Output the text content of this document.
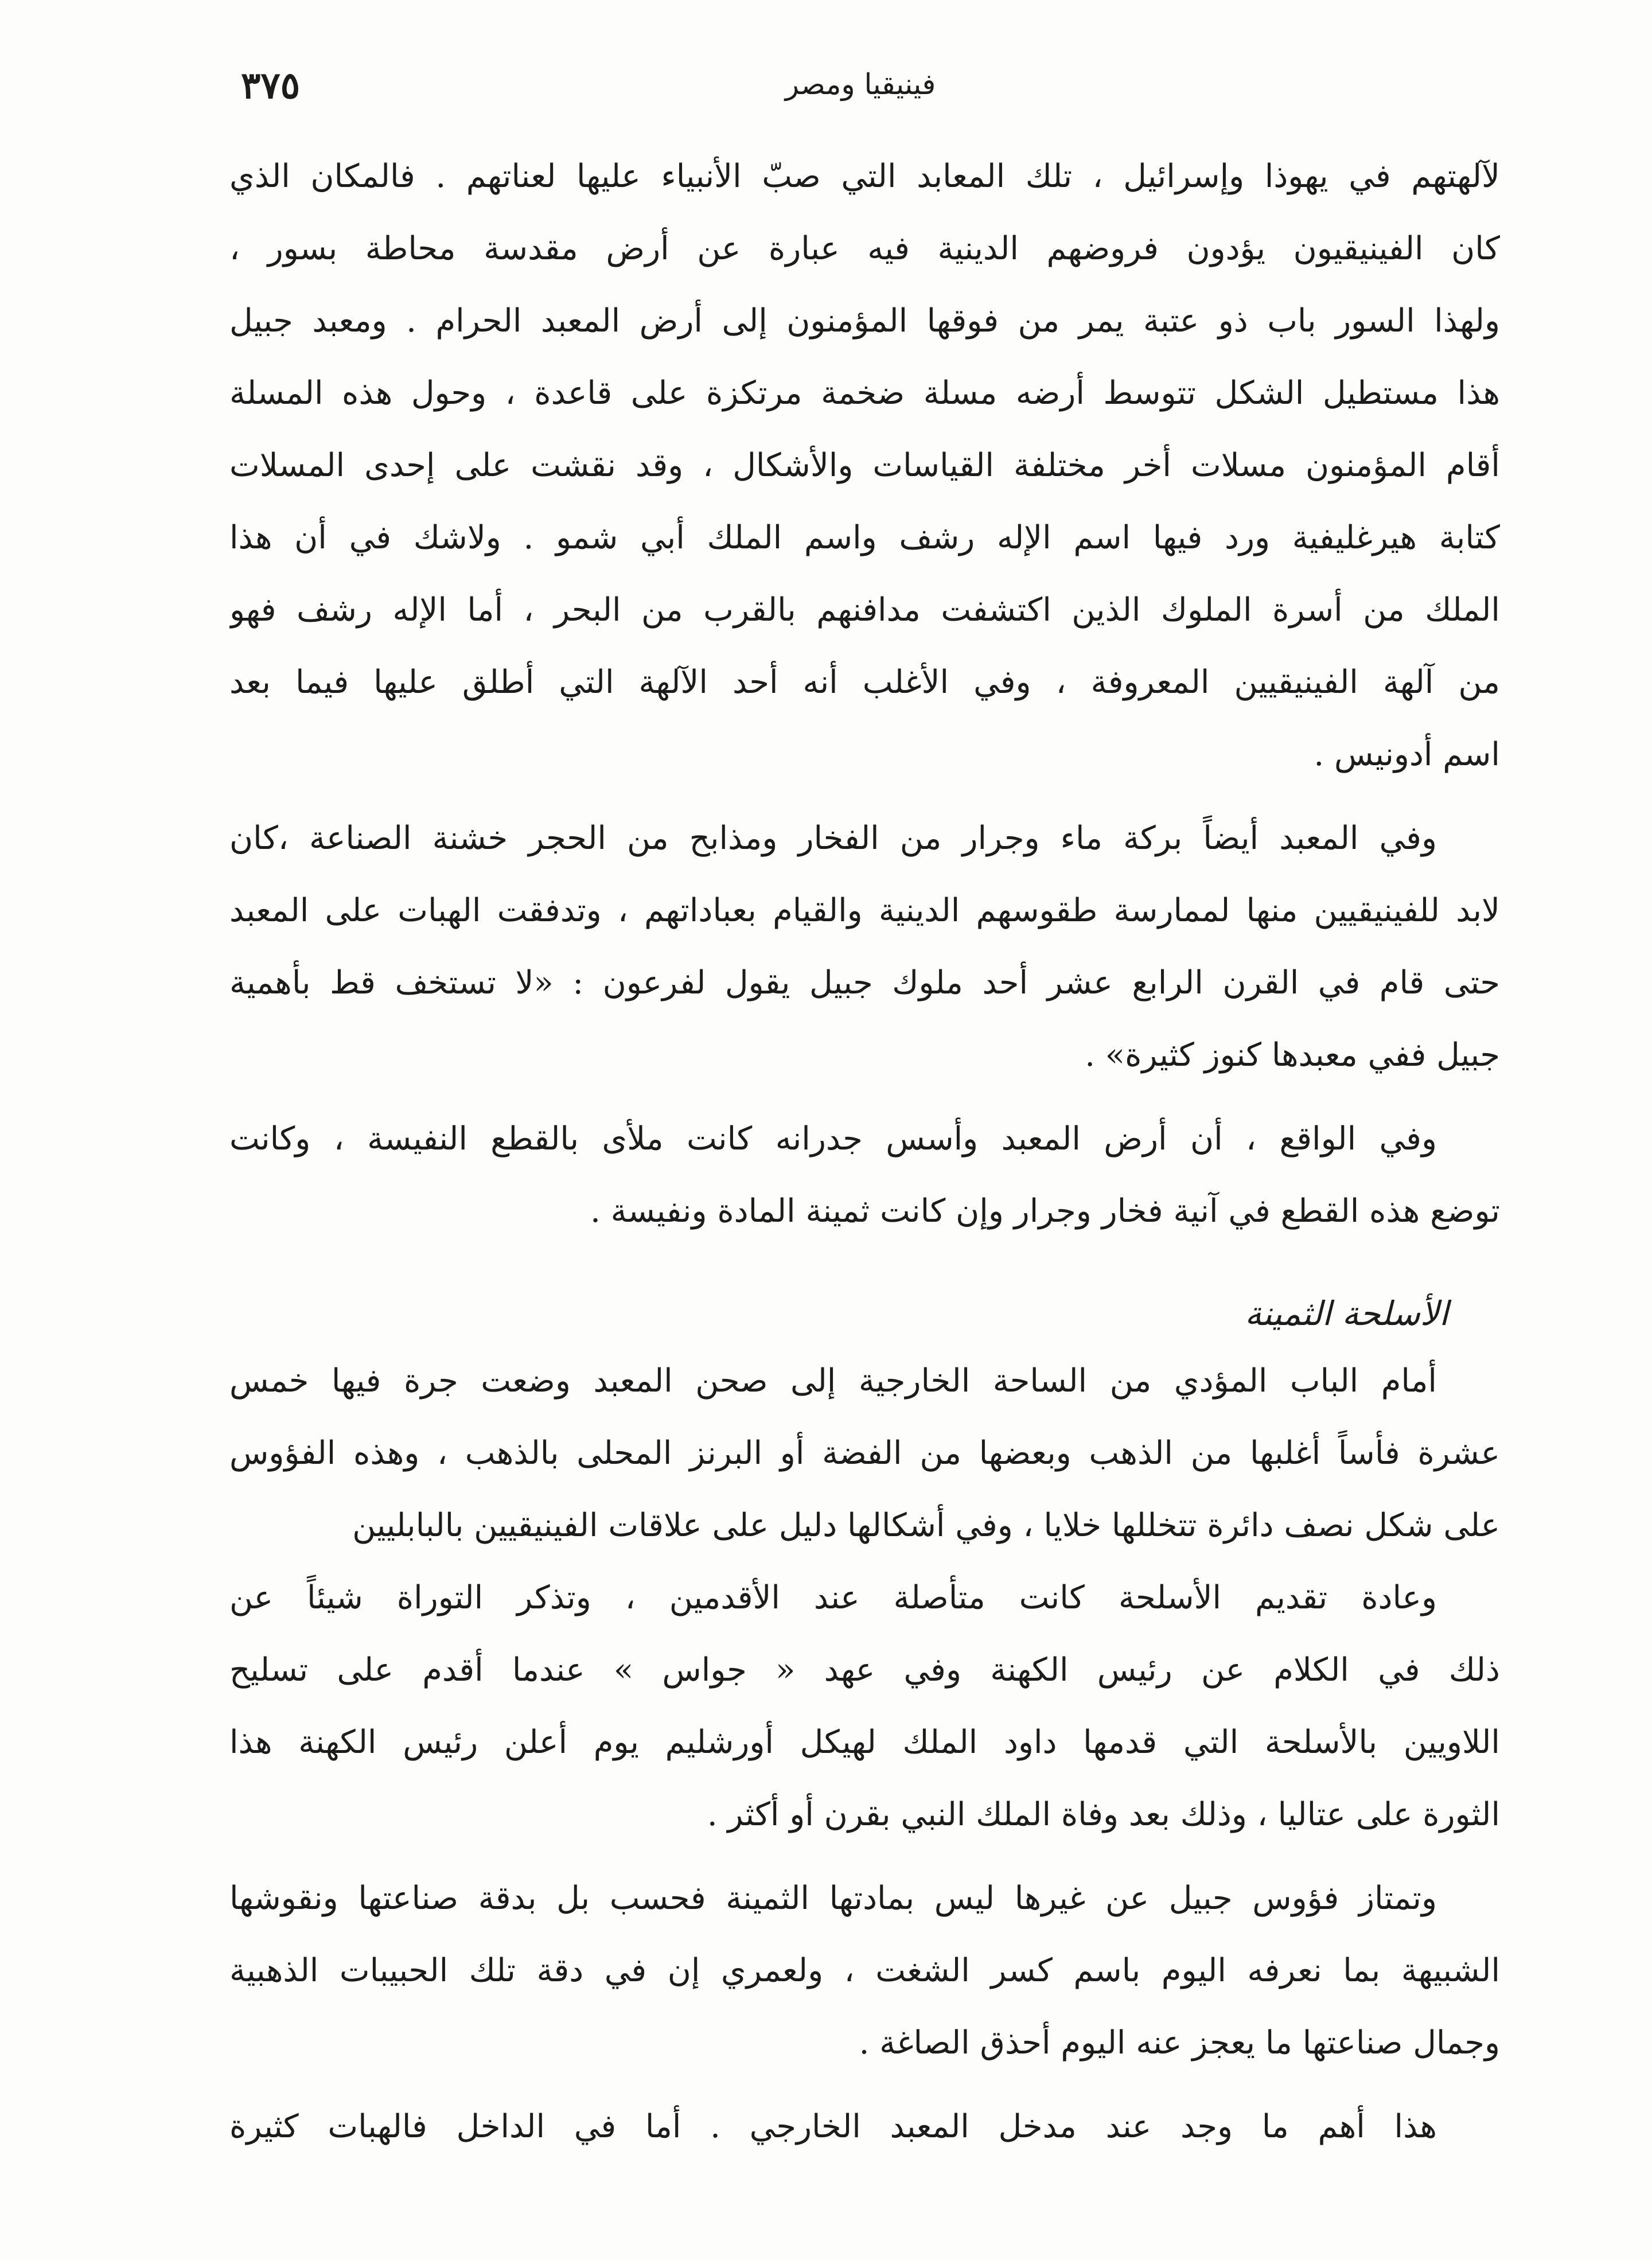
٣٧٥	فينيقيا ومصر
لآلهتهم في يهوذا وإسرائيل ، تلك المعابد التي صبّ الأنبياء عليها لعناتهم . فالمكان الذي
كان الفينيقيون يؤدون فروضهم الدينية فيه عبارة عن أرض مقدسة محاطة بسور ،
ولهذا السور باب ذو عتبة يمر من فوقها المؤمنون إلى أرض المعبد الحرام . ومعبد جبيل
هذا مستطيل الشكل تتوسط أرضه مسلة ضخمة مرتكزة على قاعدة ، وحول هذه المسلة
أقام المؤمنون مسلات أخر مختلفة القياسات والأشكال ، وقد نقشت على إحدى المسلات
كتابة هيرغليفية ورد فيها اسم الإله رشف واسم الملك أبي شمو . ولاشك في أن هذا
الملك من أسرة الملوك الذين اكتشفت مدافنهم بالقرب من البحر ، أما الإله رشف فهو
من آلهة الفينيقيين المعروفة ، وفي الأغلب أنه أحد الآلهة التي أطلق عليها فيما بعد
اسم أدونيس .
وفي المعبد أيضاً بركة ماء وجرار من الفخار ومذابح من الحجر خشنة الصناعة ،كان
لابد للفينيقيين منها لممارسة طقوسهم الدينية والقيام بعباداتهم ، وتدفقت الهبات على المعبد
حتى قام في القرن الرابع عشر أحد ملوك جبيل يقول لفرعون : «لا تستخف قط بأهمية
جبيل ففي معبدها كنوز كثيرة» .
وفي الواقع ، أن أرض المعبد وأسس جدرانه كانت ملأى بالقطع النفيسة ، وكانت
توضع هذه القطع في آنية فخار وجرار وإن كانت ثمينة المادة ونفيسة .
الأسلحة الثمينة
أمام الباب المؤدي من الساحة الخارجية إلى صحن المعبد وضعت جرة فيها خمس
عشرة فأساً أغلبها من الذهب وبعضها من الفضة أو البرنز المحلى بالذهب ، وهذه الفؤوس
على شكل نصف دائرة تتخللها خلايا ، وفي أشكالها دليل على علاقات الفينيقيين بالبابليين
وعادة تقديم الأسلحة كانت متأصلة عند الأقدمين ، وتذكر التوراة شيئاً عن
ذلك في الكلام عن رئيس الكهنة وفي عهد « جواس » عندما أقدم على تسليح
اللاويين بالأسلحة التي قدمها داود الملك لهيكل أورشليم يوم أعلن رئيس الكهنة هذا
الثورة على عتاليا ، وذلك بعد وفاة الملك النبي بقرن أو أكثر .
وتمتاز فؤوس جبيل عن غيرها ليس بمادتها الثمينة فحسب بل بدقة صناعتها ونقوشها
الشبيهة بما نعرفه اليوم باسم كسر الشغت ، ولعمري إن في دقة تلك الحبيبات الذهبية
وجمال صناعتها ما يعجز عنه اليوم أحذق الصاغة .
هذا أهم ما وجد عند مدخل المعبد الخارجي . أما في الداخل فالهبات كثيرة
